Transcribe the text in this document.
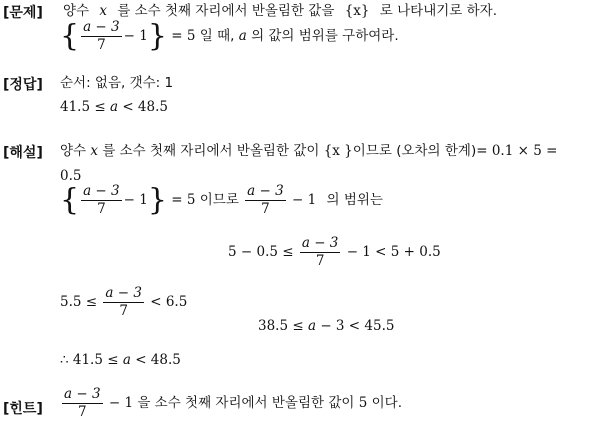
[문제] 양수 x 를 소수 첫째 자리에서 반올림한 값을 {x} 로 나타내기로 하자.
{ $\frac{a - 3}{7} - 1\} = 5$ 일 때, a 의 값의 범위를 구하여라.
[정답] 순서: 없음, 갯수: 1
41.5 ≤ a < 48.5
[해설] 양수 x 를 소수 첫째 자리에서 반올림한 값이 {x }이므로 (오차의 한계)= 0.1 × 5 =
0.5
{ $\frac{a - 3}{7} - 1\} = 5$ 이므로 $\frac{a - 3}{7} - 1$ 의 범위는
$5 - 0.5 \le \frac{a - 3}{7} - 1 < 5 + 0.5$
$5.5 \le \frac{a - 3}{7} < 6.5$
38.5 ≤ a − 3 < 45.5
∴ 41.5 ≤ a < 48.5
[힌트] $\frac{a - 3}{7} - 1$ 을 소수 첫째 자리에서 반올림한 값이 5 이다.
